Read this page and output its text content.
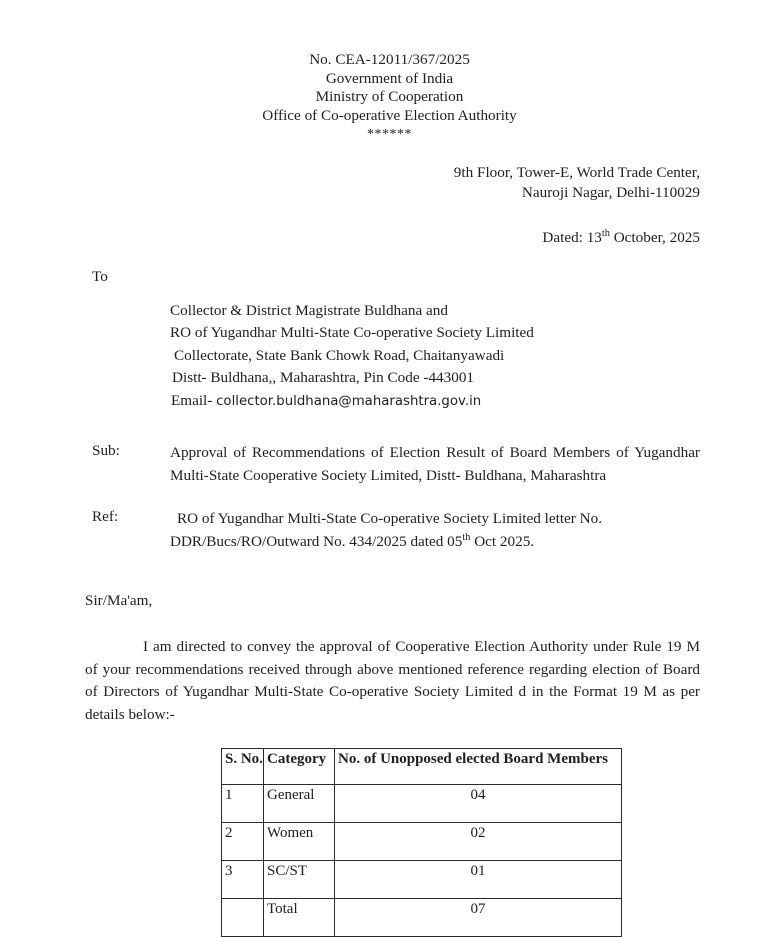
No. CEA-12011/367/2025
Government of India
Ministry of Cooperation
Office of Co-operative Election Authority
******
9th Floor, Tower-E, World Trade Center,
Nauroji Nagar, Delhi-110029
Dated: 13th October, 2025
To
Collector & District Magistrate Buldhana and
RO of Yugandhar Multi-State Co-operative Society Limited
Collectorate, State Bank Chowk Road, Chaitanyawadi
Distt- Buldhana,, Maharashtra, Pin Code -443001
Email- collector.buldhana@maharashtra.gov.in
Sub:	Approval of Recommendations of Election Result of Board Members of Yugandhar Multi-State Cooperative Society Limited, Distt- Buldhana, Maharashtra
Ref:	RO of Yugandhar Multi-State Co-operative Society Limited letter No.
DDR/Bucs/RO/Outward No. 434/2025 dated 05th Oct 2025.
Sir/Ma'am,
I am directed to convey the approval of Cooperative Election Authority under Rule 19 M of your recommendations received through above mentioned reference regarding election of Board of Directors of Yugandhar Multi-State Co-operative Society Limited d in the Format 19 M as per details below:-
S. No.	Category	No. of Unopposed elected Board Members
1	General	04
2	Women	02
3	SC/ST	01
	Total	07
